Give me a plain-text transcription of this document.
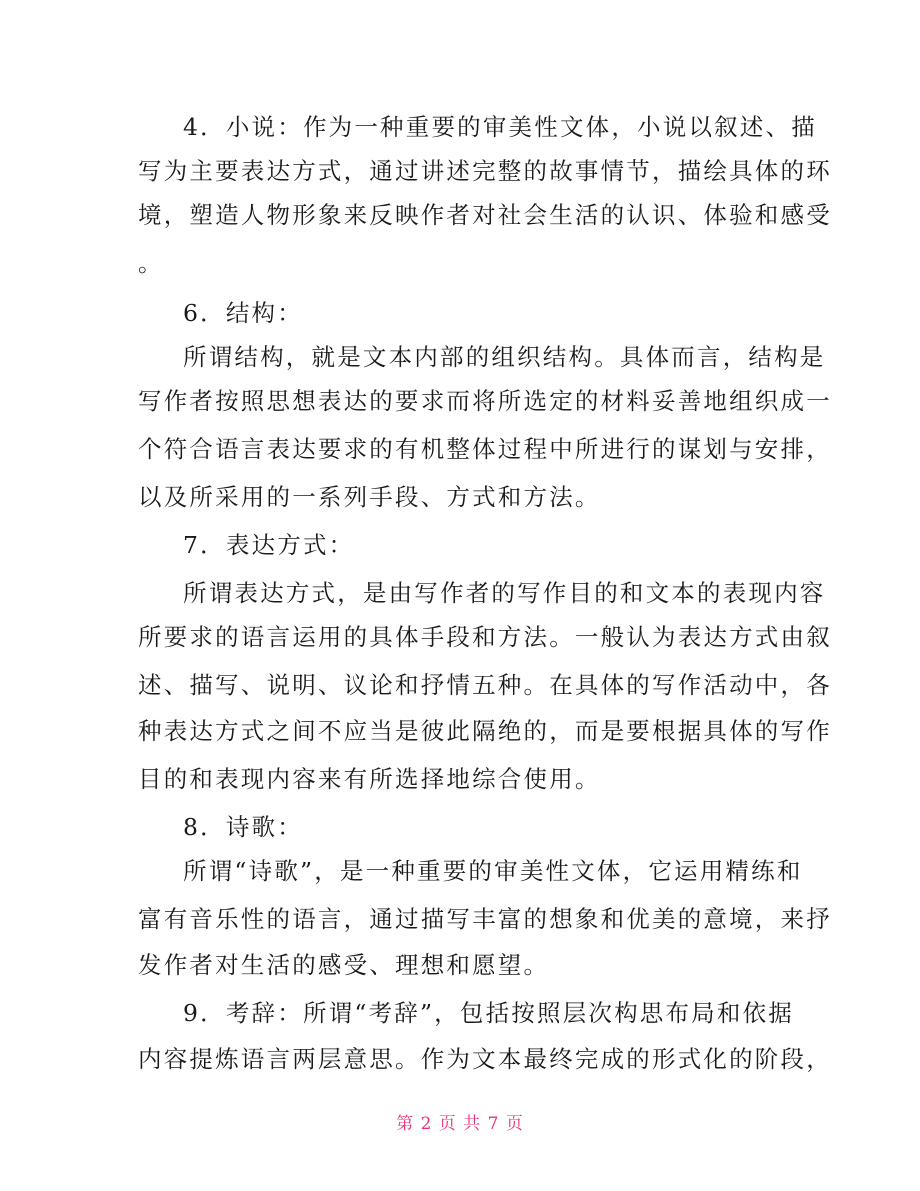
4．小说：作为一种重要的审美性文体，小说以叙述、描
写为主要表达方式，通过讲述完整的故事情节，描绘具体的环
境，塑造人物形象来反映作者对社会生活的认识、体验和感受
。
6．结构：
所谓结构，就是文本内部的组织结构。具体而言，结构是
写作者按照思想表达的要求而将所选定的材料妥善地组织成一
个符合语言表达要求的有机整体过程中所进行的谋划与安排，
以及所采用的一系列手段、方式和方法。
7．表达方式：
所谓表达方式，是由写作者的写作目的和文本的表现内容
所要求的语言运用的具体手段和方法。一般认为表达方式由叙
述、描写、说明、议论和抒情五种。在具体的写作活动中，各
种表达方式之间不应当是彼此隔绝的，而是要根据具体的写作
目的和表现内容来有所选择地综合使用。
8．诗歌：
所谓“诗歌”，是一种重要的审美性文体，它运用精练和
富有音乐性的语言，通过描写丰富的想象和优美的意境，来抒
发作者对生活的感受、理想和愿望。
9．考辞：所谓“考辞”，包括按照层次构思布局和依据
内容提炼语言两层意思。作为文本最终完成的形式化的阶段，
第 2 页 共 7 页
